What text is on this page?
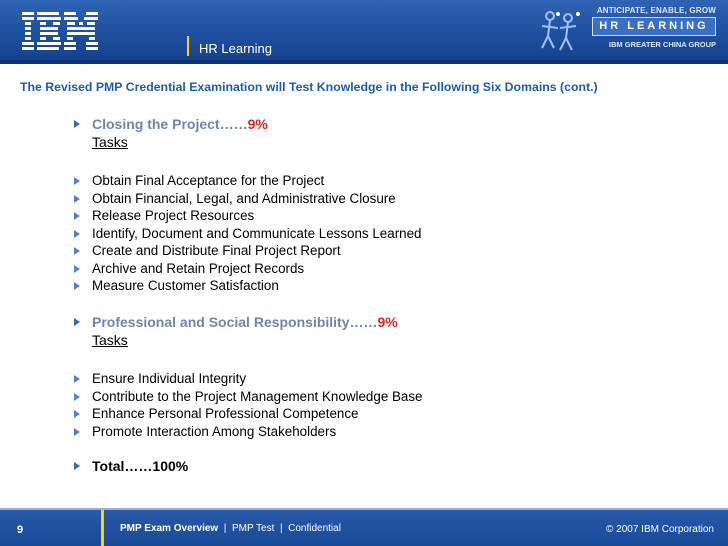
HR Learning
ANTICIPATE, ENABLE, GROW
HR LEARNING
IBM GREATER CHINA GROUP
The Revised PMP Credential Examination will Test Knowledge in the Following Six Domains (cont.)
Closing the Project……9%
Tasks
Obtain Final Acceptance for the Project
Obtain Financial, Legal, and Administrative Closure
Release Project Resources
Identify, Document and Communicate Lessons Learned
Create and Distribute Final Project Report
Archive and Retain Project Records
Measure Customer Satisfaction
Professional and Social Responsibility……9%
Tasks
Ensure Individual Integrity
Contribute to the Project Management Knowledge Base
Enhance Personal Professional Competence
Promote Interaction Among Stakeholders
Total……100%
9	PMP Exam Overview | PMP Test | Confidential	© 2007 IBM Corporation
